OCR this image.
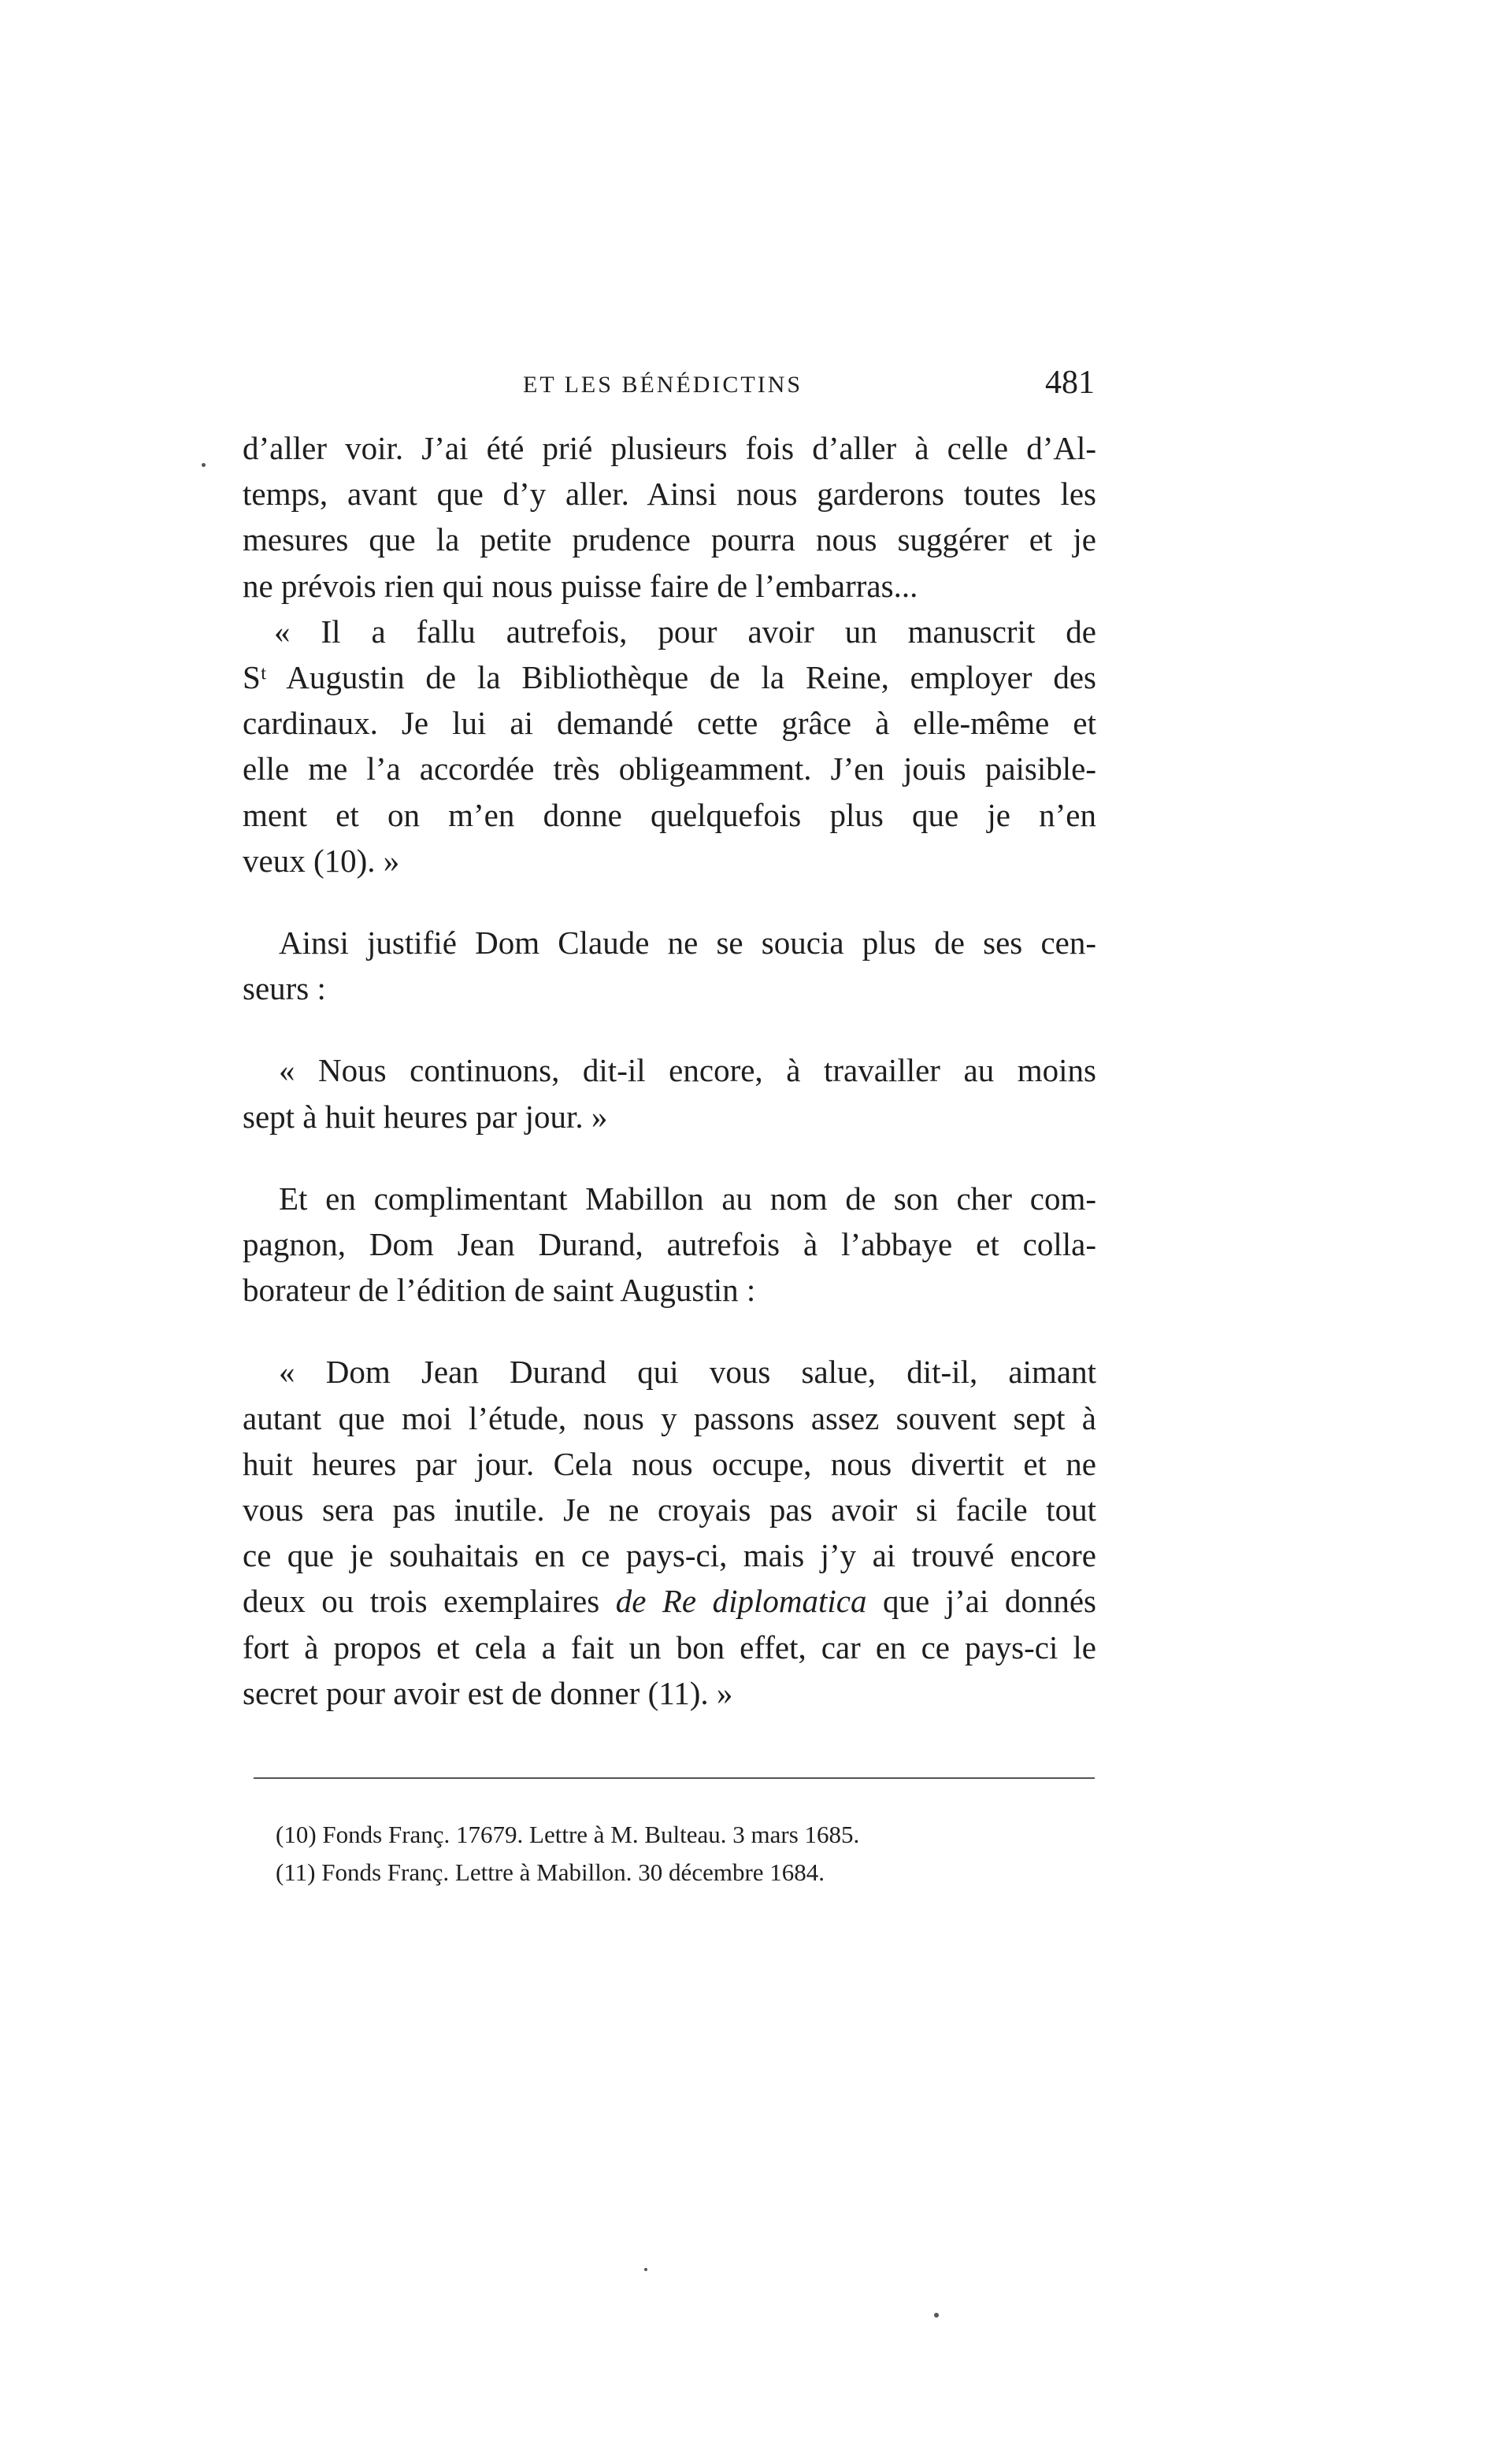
ET LES BÉNÉDICTINS	481

d’aller voir. J’ai été prié plusieurs fois d’aller à celle d’Al-
temps, avant que d’y aller. Ainsi nous garderons toutes les
mesures que la petite prudence pourra nous suggérer et je
ne prévois rien qui nous puisse faire de l’embarras...

« Il a fallu autrefois, pour avoir un manuscrit de
Sᵗ Augustin de la Bibliothèque de la Reine, employer des
cardinaux. Je lui ai demandé cette grâce à elle-même et
elle me l’a accordée très obligeamment. J’en jouis paisible-
ment et on m’en donne quelquefois plus que je n’en
veux (10). »

Ainsi justifié Dom Claude ne se soucia plus de ses cen-
seurs :

« Nous continuons, dit-il encore, à travailler au moins
sept à huit heures par jour. »

Et en complimentant Mabillon au nom de son cher com-
pagnon, Dom Jean Durand, autrefois à l’abbaye et colla-
borateur de l’édition de saint Augustin :

« Dom Jean Durand qui vous salue, dit-il, aimant
autant que moi l’étude, nous y passons assez souvent sept à
huit heures par jour. Cela nous occupe, nous divertit et ne
vous sera pas inutile. Je ne croyais pas avoir si facile tout
ce que je souhaitais en ce pays-ci, mais j’y ai trouvé encore
deux ou trois exemplaires de Re diplomatica que j’ai donnés
fort à propos et cela a fait un bon effet, car en ce pays-ci le
secret pour avoir est de donner (11). »

(10) Fonds Franç. 17679. Lettre à M. Bulteau. 3 mars 1685.
(11) Fonds Franç. Lettre à Mabillon. 30 décembre 1684.
